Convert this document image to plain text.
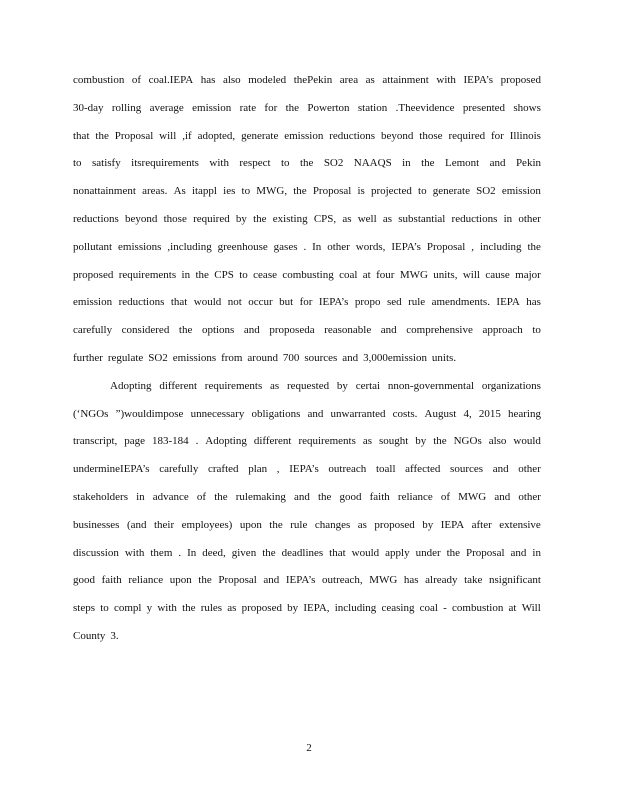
combustion of coal.IEPA has also modeled thePekin area as attainment with IEPA’s proposed
30-day rolling average emission rate for the Powerton station .Theevidence presented shows
that the Proposal will ,if adopted, generate emission reductions beyond those required for Illinois
to satisfy itsrequirements with respect to the SO2 NAAQS in the Lemont and Pekin
nonattainment areas. As itappl ies to MWG, the Proposal is projected to generate SO2 emission
reductions beyond those required by the existing CPS, as well as substantial reductions in other
pollutant emissions ,including greenhouse gases . In other words, IEPA’s Proposal , including the
proposed requirements in the CPS to cease combusting coal at four MWG units, will cause major
emission reductions that would not occur but for IEPA’s propo sed rule amendments. IEPA has
carefully considered the options and proposeda reasonable and comprehensive approach to
further regulate SO2 emissions from around 700 sources and 3,000emission units.
Adopting different requirements as requested by certai nnon-governmental organizations
(‘NGOs ”)wouldimpose unnecessary obligations and unwarranted costs. August 4, 2015 hearing
transcript, page 183-184 . Adopting different requirements as sought by the NGOs also would
undermineIEPA’s carefully crafted plan , IEPA’s outreach toall affected sources and other
stakeholders in advance of the rulemaking and the good faith reliance of MWG and other
businesses (and their employees) upon the rule changes as proposed by IEPA after extensive
discussion with them . In deed, given the deadlines that would apply under the Proposal and in
good faith reliance upon the Proposal and IEPA’s outreach, MWG has already take nsignificant
steps to compl y with the rules as proposed by IEPA, including ceasing coal - combustion at Will
County 3.
2
